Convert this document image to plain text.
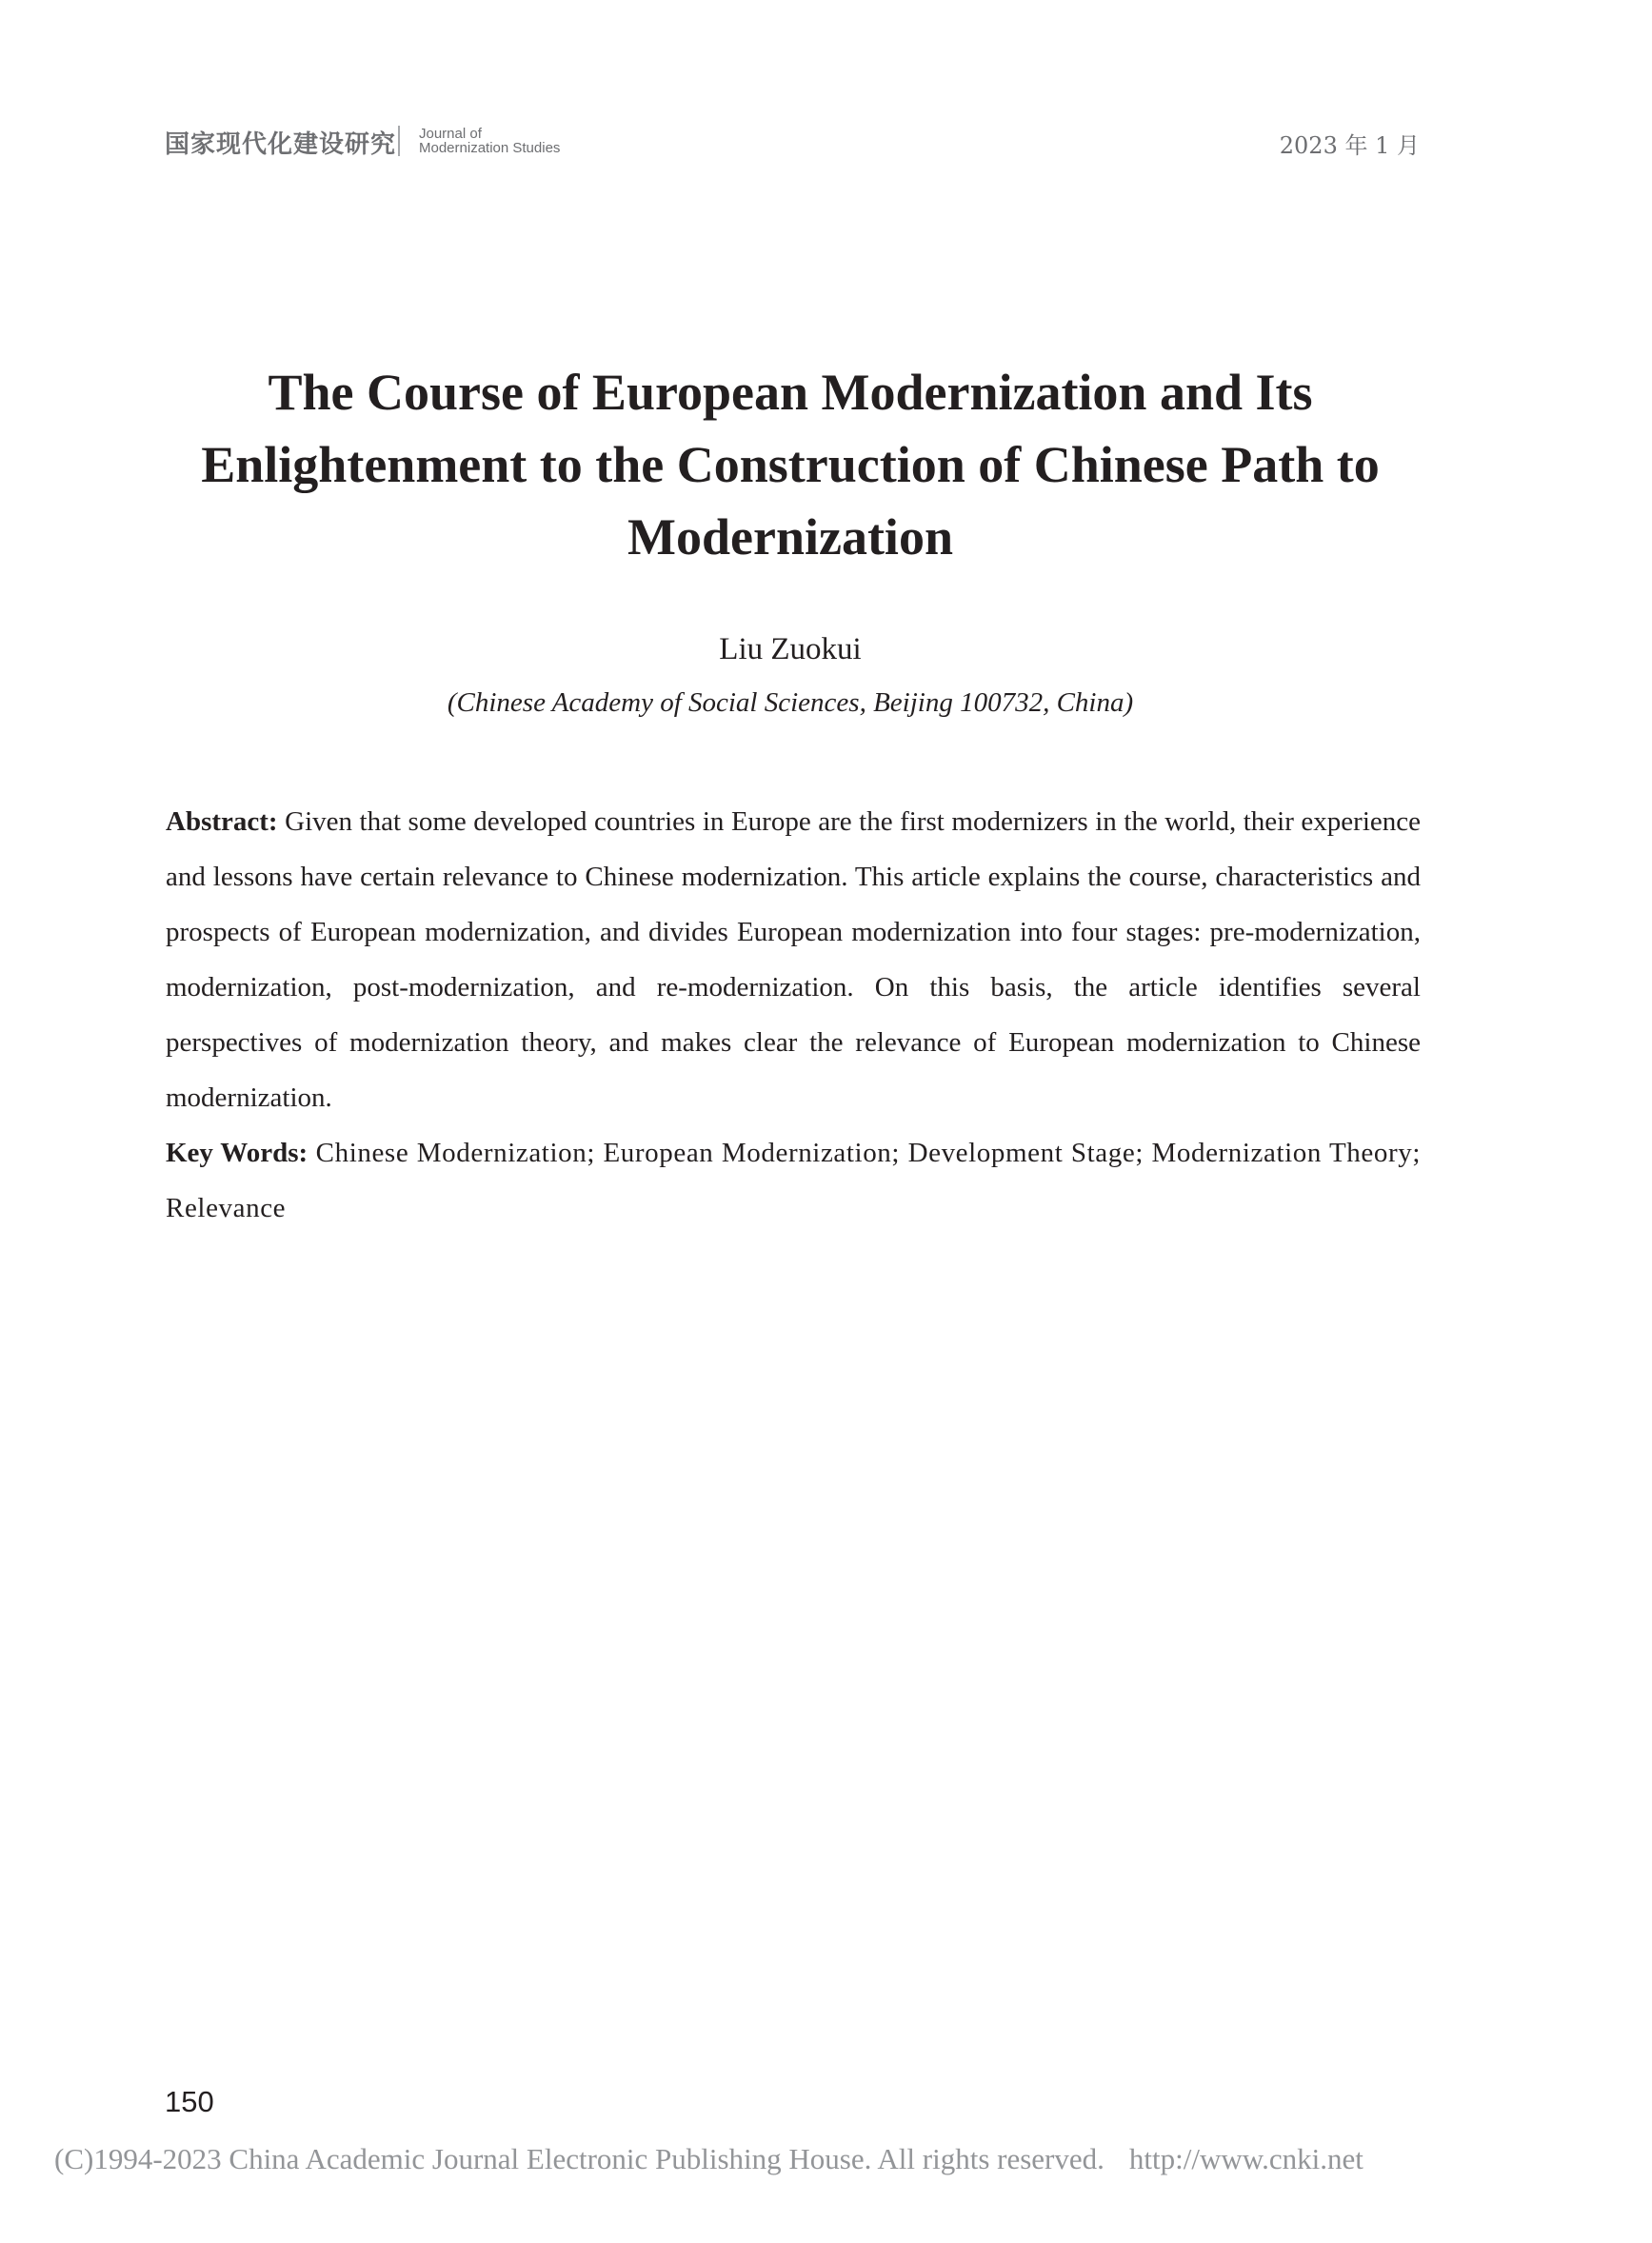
国家现代化建设研究 Journal of
Modernization Studies	2023 年 1 月
The Course of European Modernization and Its
Enlightenment to the Construction of Chinese Path to
Modernization
Liu Zuokui
(Chinese Academy of Social Sciences, Beijing 100732, China)
Abstract: Given that some developed countries in Europe are the first modernizers in the world, their experience and lessons have certain relevance to Chinese modernization. This article explains the course, characteristics and prospects of European modernization, and divides European modernization into four stages: pre-modernization, modernization, post-modernization, and re-modernization. On this basis, the article identifies several perspectives of modernization theory, and makes clear the relevance of European modernization to Chinese modernization.
Key Words: Chinese Modernization; European Modernization; Development Stage; Modernization Theory; Relevance
150
(C)1994-2023 China Academic Journal Electronic Publishing House. All rights reserved. http://www.cnki.net
